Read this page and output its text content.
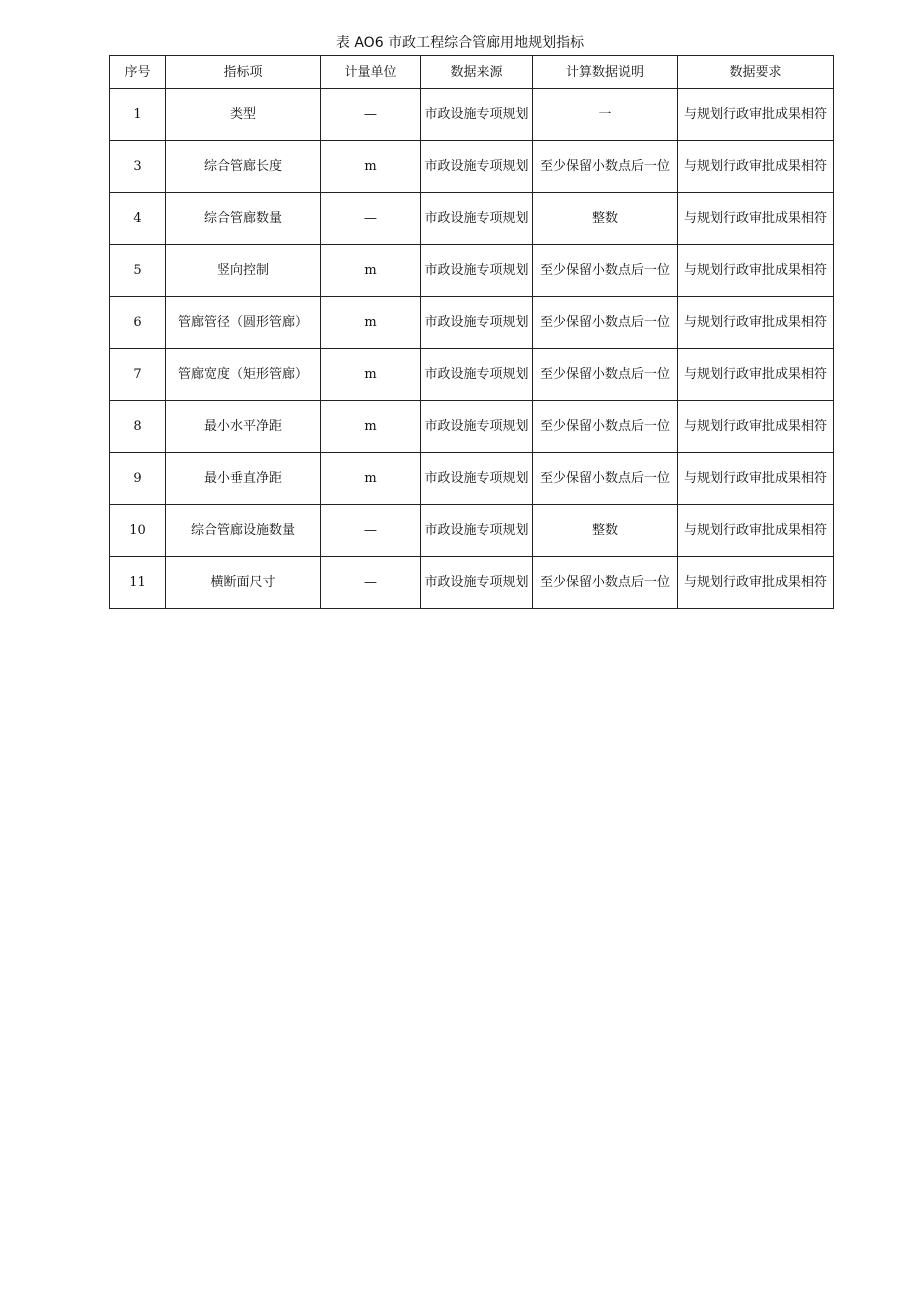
表 AO6 市政工程综合管廊用地规划指标
序号	指标项	计量单位	数据来源	计算数据说明	数据要求
1	类型	—	市政设施专项规划	一	与规划行政审批成果相符
3	综合管廊长度	m	市政设施专项规划	至少保留小数点后一位	与规划行政审批成果相符
4	综合管廊数量	—	市政设施专项规划	整数	与规划行政审批成果相符
5	竖向控制	m	市政设施专项规划	至少保留小数点后一位	与规划行政审批成果相符
6	管廊管径（圆形管廊）	m	市政设施专项规划	至少保留小数点后一位	与规划行政审批成果相符
7	管廊宽度（矩形管廊）	m	市政设施专项规划	至少保留小数点后一位	与规划行政审批成果相符
8	最小水平净距	m	市政设施专项规划	至少保留小数点后一位	与规划行政审批成果相符
9	最小垂直净距	m	市政设施专项规划	至少保留小数点后一位	与规划行政审批成果相符
10	综合管廊设施数量	—	市政设施专项规划	整数	与规划行政审批成果相符
11	横断面尺寸	—	市政设施专项规划	至少保留小数点后一位	与规划行政审批成果相符
